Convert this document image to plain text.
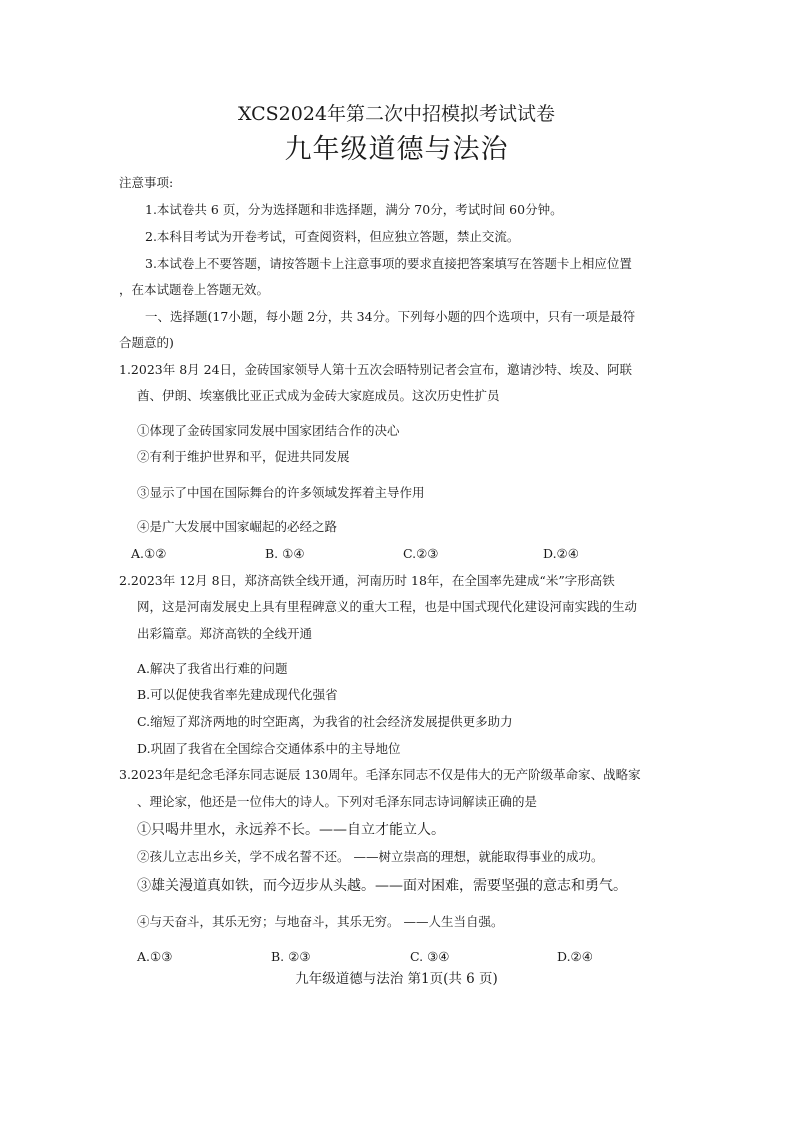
XCS2024年第二次中招模拟考试试卷
九年级道德与法治
注意事项:
1.本试卷共 6 页，分为选择题和非选择题，满分 70分，考试时间 60分钟。
2.本科目考试为开卷考试，可查阅资料，但应独立答题，禁止交流。
3.本试卷上不要答题，请按答题卡上注意事项的要求直接把答案填写在答题卡上相应位置
，在本试题卷上答题无效。
一、选择题(17小题，每小题 2分，共 34分。下列每小题的四个选项中，只有一项是最符
合题意的)
1.2023年 8月 24日，金砖国家领导人第十五次会晤特别记者会宣布，邀请沙特、埃及、阿联
酋、伊朗、埃塞俄比亚正式成为金砖大家庭成员。这次历史性扩员
①体现了金砖国家同发展中国家团结合作的决心
②有利于维护世界和平，促进共同发展
③显示了中国在国际舞台的许多领域发挥着主导作用
④是广大发展中国家崛起的必经之路
A.①②	B. ①④	C.②③	D.②④
2.2023年 12月 8日，郑济高铁全线开通，河南历时 18年，在全国率先建成“米”字形高铁
网，这是河南发展史上具有里程碑意义的重大工程，也是中国式现代化建设河南实践的生动
出彩篇章。郑济高铁的全线开通
A.解决了我省出行难的问题
B.可以促使我省率先建成现代化强省
C.缩短了郑济两地的时空距离，为我省的社会经济发展提供更多助力
D.巩固了我省在全国综合交通体系中的主导地位
3.2023年是纪念毛泽东同志诞辰 130周年。毛泽东同志不仅是伟大的无产阶级革命家、战略家
、理论家，他还是一位伟大的诗人。下列对毛泽东同志诗词解读正确的是
①只喝井里水，永远养不长。——自立才能立人。
②孩儿立志出乡关，学不成名誓不还。 ——树立崇高的理想，就能取得事业的成功。
③雄关漫道真如铁，而今迈步从头越。——面对困难，需要坚强的意志和勇气。
④与天奋斗，其乐无穷；与地奋斗，其乐无穷。 ——人生当自强。
A.①③	B. ②③	C. ③④	D.②④
九年级道德与法治 第1页(共 6 页)
